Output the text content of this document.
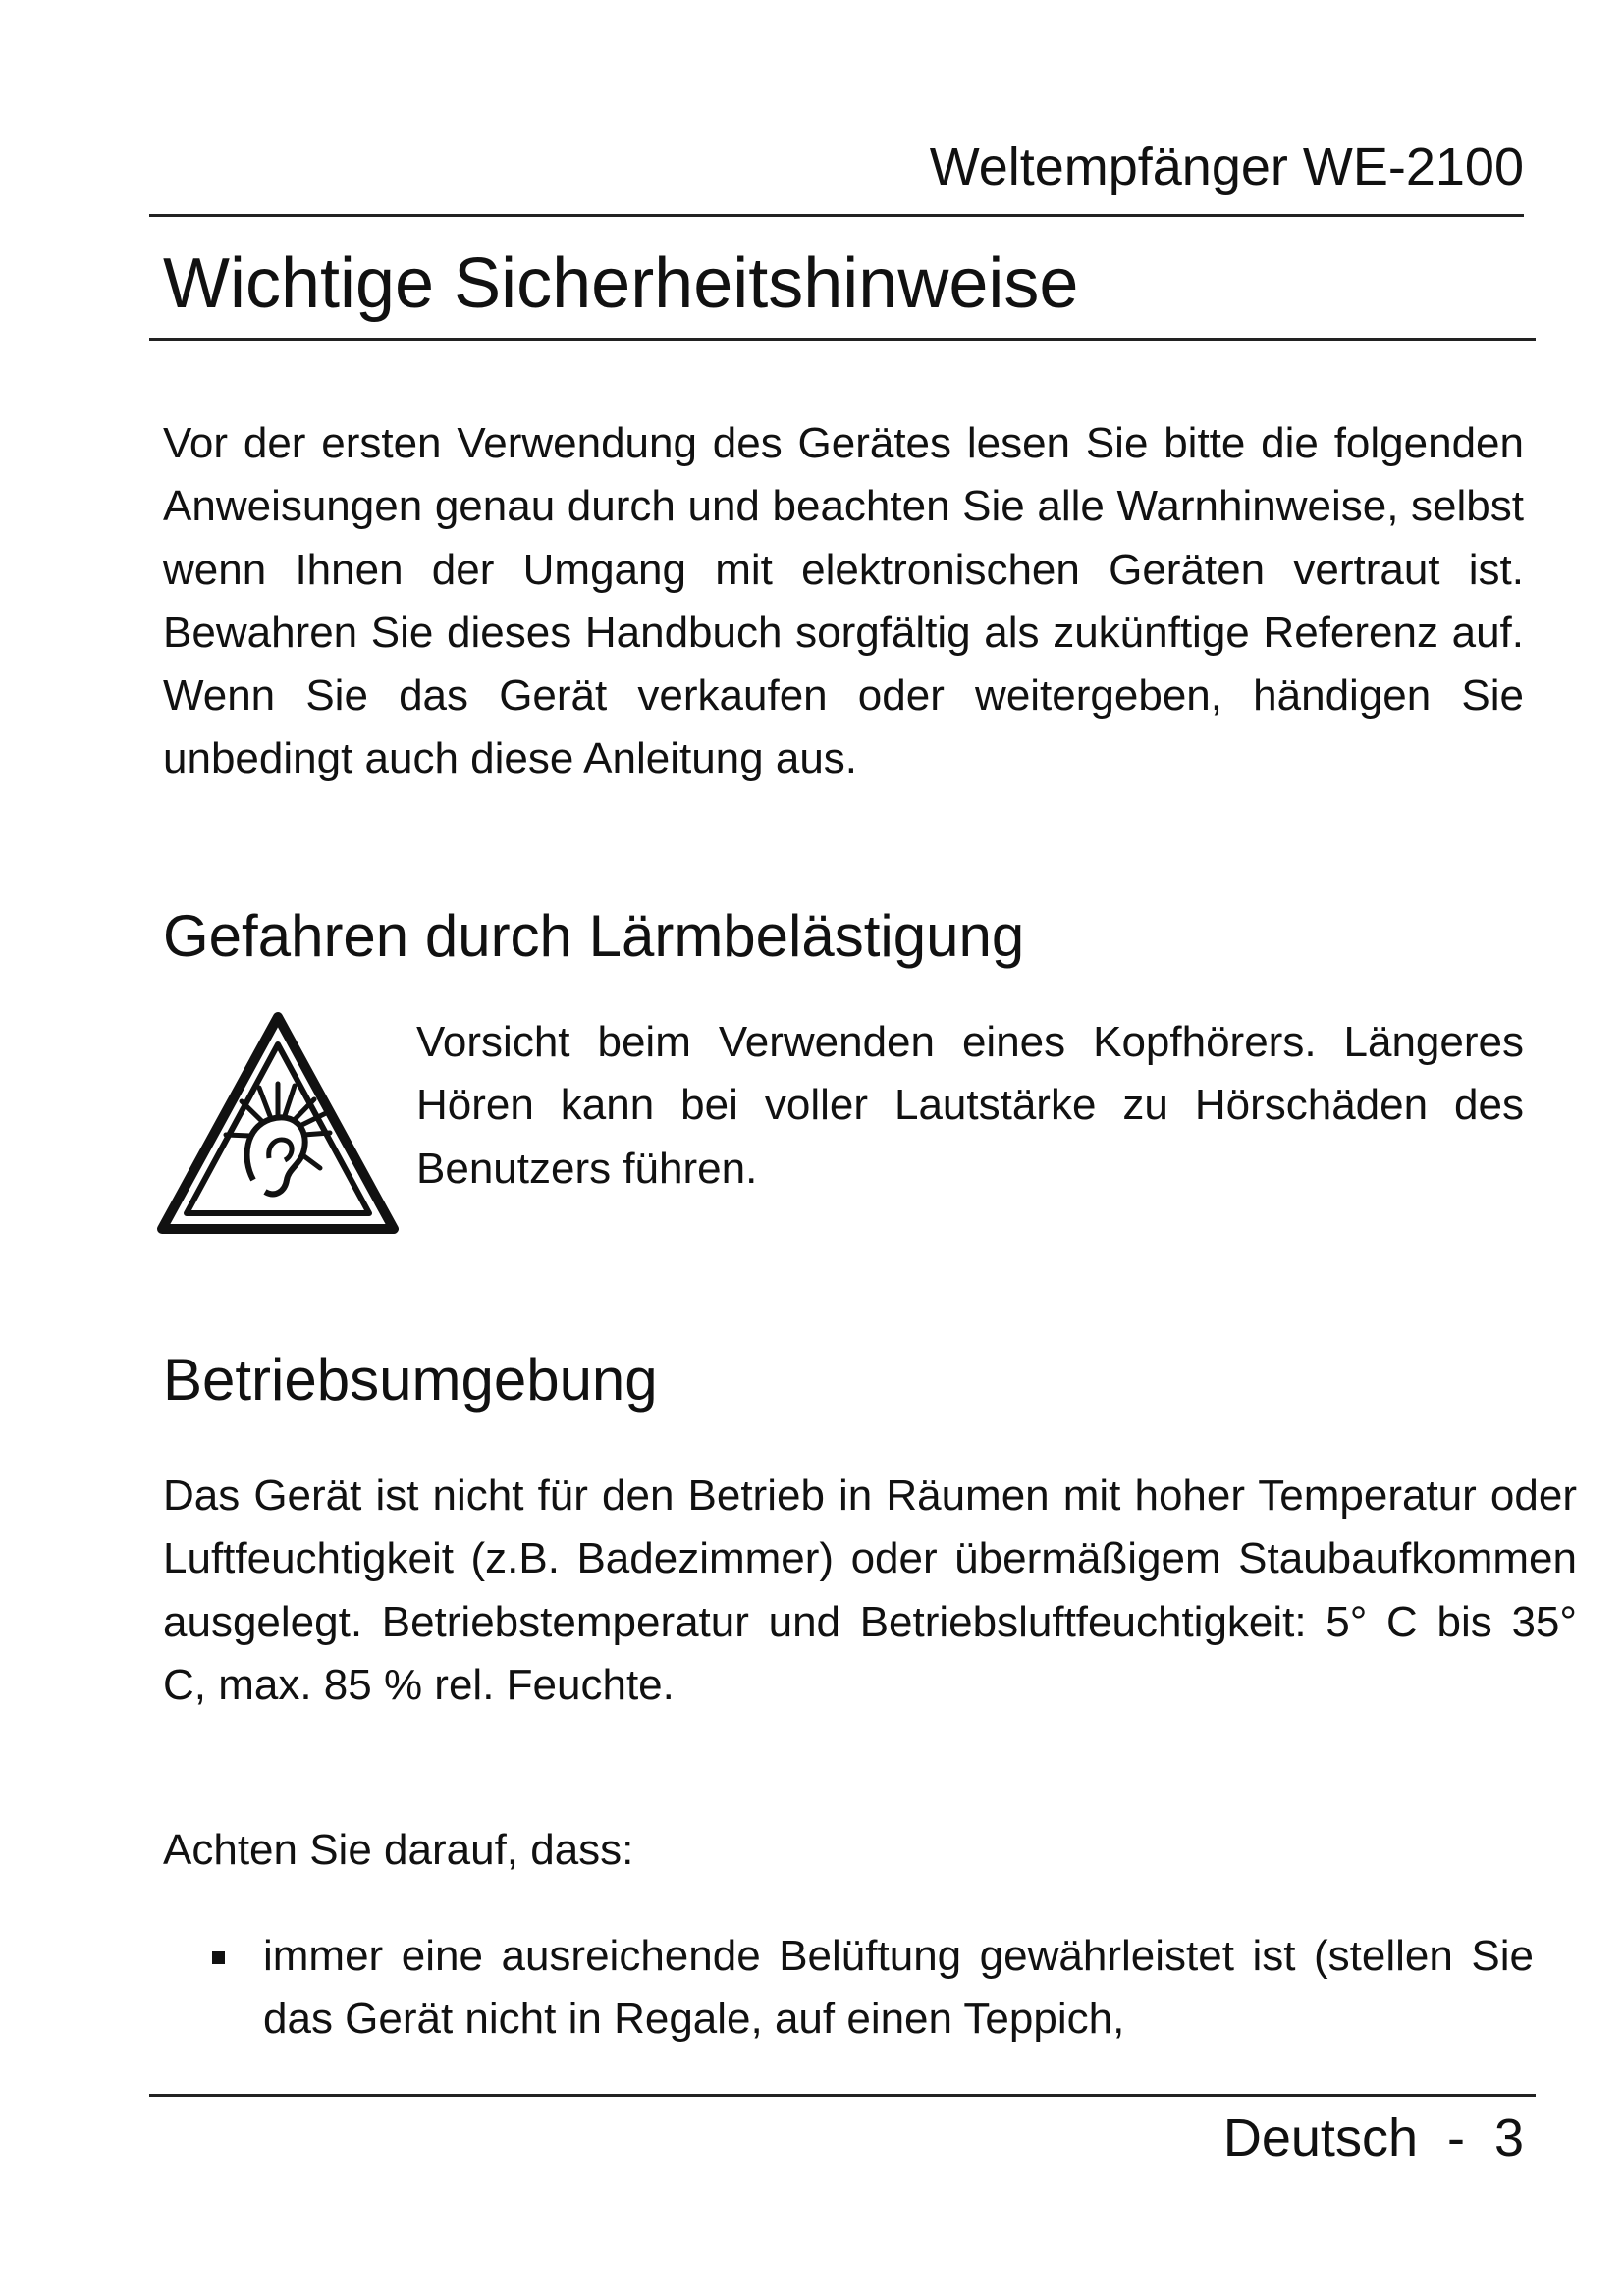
Weltempfänger WE-2100
Wichtige Sicherheitshinweise

Vor der ersten Verwendung des Gerätes lesen Sie bitte die folgenden Anweisungen genau durch und beachten Sie alle Warnhinweise, selbst wenn Ihnen der Umgang mit elektronischen Geräten vertraut ist. Bewahren Sie dieses Handbuch sorgfältig als zukünftige Referenz auf. Wenn Sie das Gerät verkaufen oder weitergeben, händigen Sie unbedingt auch diese Anleitung aus.

Gefahren durch Lärmbelästigung

Vorsicht beim Verwenden eines Kopfhörers. Längeres Hören kann bei voller Lautstärke zu Hörschäden des Benutzers führen.

Betriebsumgebung

Das Gerät ist nicht für den Betrieb in Räumen mit hoher Temperatur oder Luftfeuchtigkeit (z.B. Badezimmer) oder übermäßigem Staubaufkommen ausgelegt. Betriebstemperatur und Betriebsluftfeuchtigkeit: 5° C bis 35° C, max. 85 % rel. Feuchte.

Achten Sie darauf, dass:

immer eine ausreichende Belüftung gewährleistet ist (stellen Sie das Gerät nicht in Regale, auf einen Teppich,

Deutsch  -  3
